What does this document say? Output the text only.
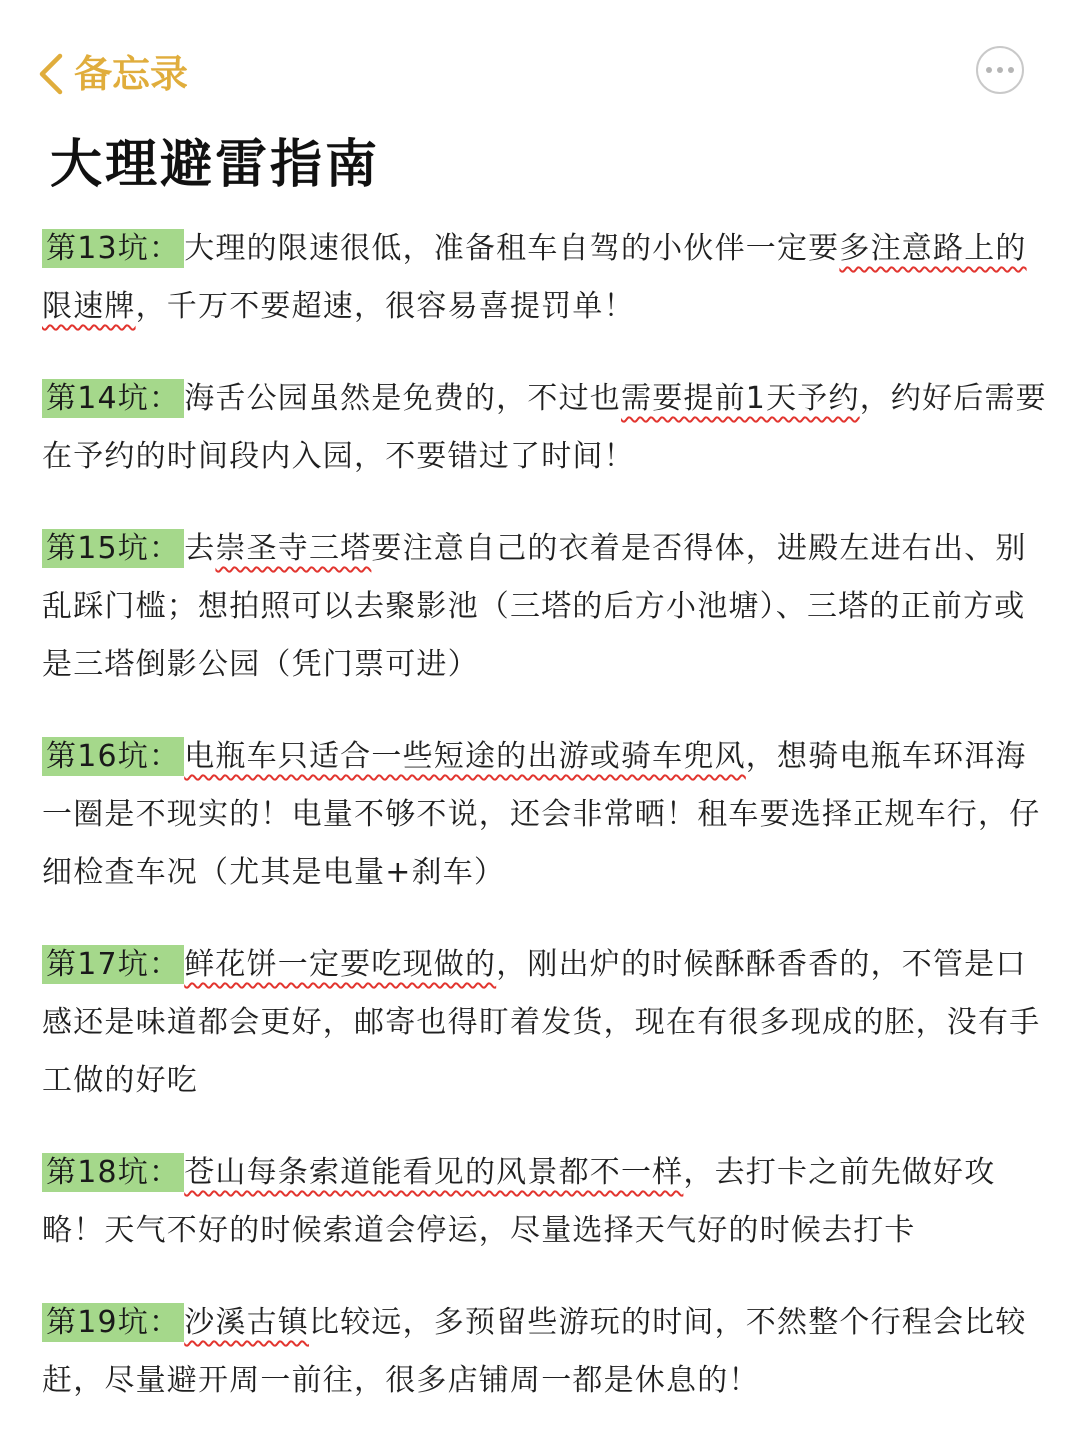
备忘录
大理避雷指南

第13坑： 大理的限速很低，准备租车自驾的小伙伴一定要多注意路上的限速牌，千万不要超速，很容易喜提罚单！

第14坑： 海舌公园虽然是免费的，不过也需要提前1天予约，约好后需要在予约的时间段内入园，不要错过了时间！

第15坑： 去崇圣寺三塔要注意自己的衣着是否得体，进殿左进右出、别乱踩门槛；想拍照可以去聚影池（三塔的后方小池塘）、三塔的正前方或是三塔倒影公园（凭门票可进）

第16坑： 电瓶车只适合一些短途的出游或骑车兜风，想骑电瓶车环洱海一圈是不现实的！电量不够不说，还会非常晒！租车要选择正规车行，仔细检查车况（尤其是电量+刹车）

第17坑： 鲜花饼一定要吃现做的，刚出炉的时候酥酥香香的，不管是口感还是味道都会更好，邮寄也得盯着发货，现在有很多现成的胚，没有手工做的好吃

第18坑： 苍山每条索道能看见的风景都不一样，去打卡之前先做好攻略！天气不好的时候索道会停运，尽量选择天气好的时候去打卡

第19坑： 沙溪古镇比较远，多预留些游玩的时间，不然整个行程会比较赶，尽量避开周一前往，很多店铺周一都是休息的！
